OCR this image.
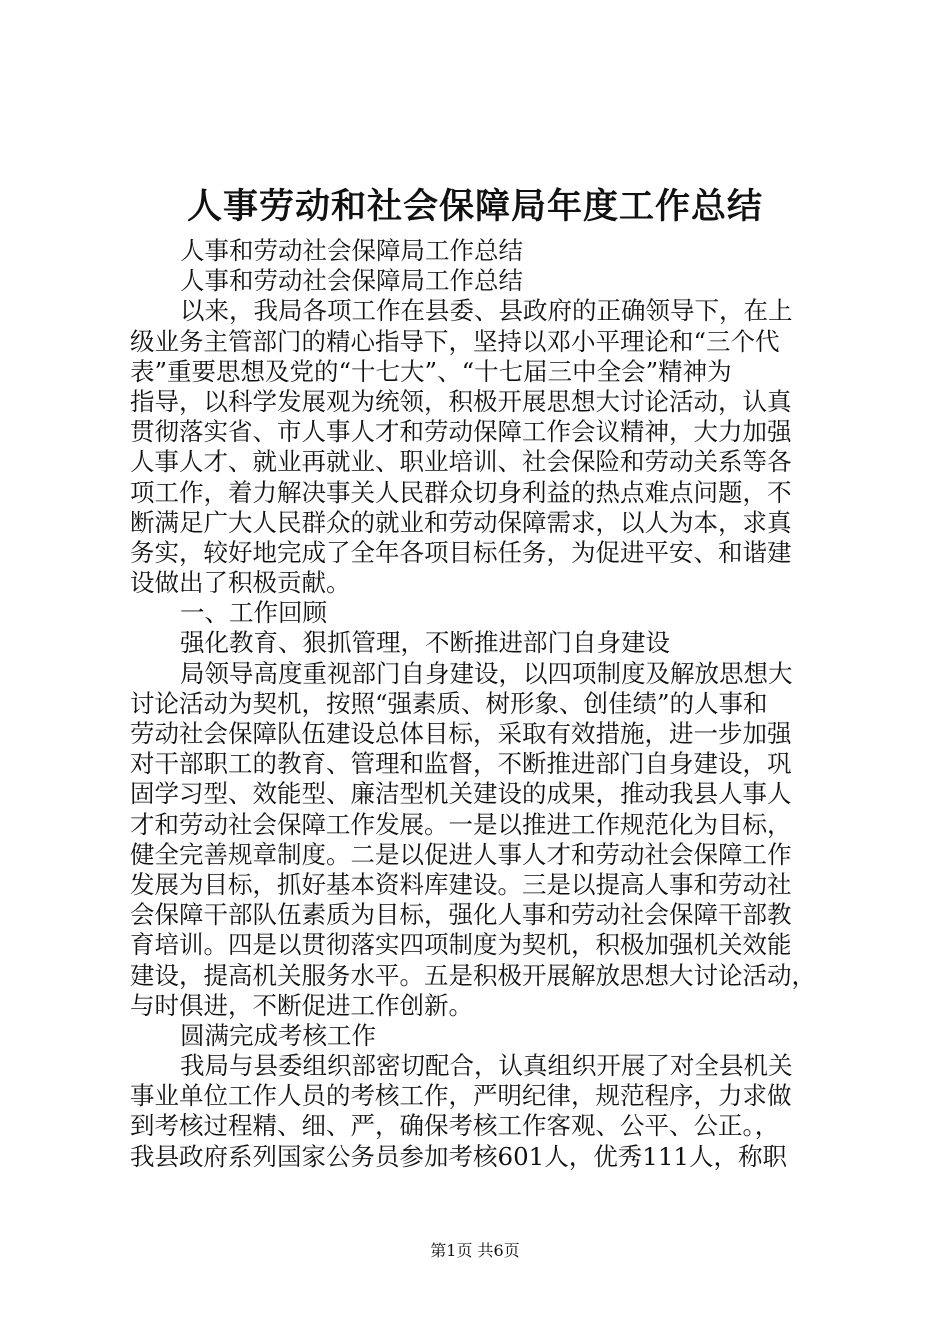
人事劳动和社会保障局年度工作总结
人事和劳动社会保障局工作总结
人事和劳动社会保障局工作总结
以来，我局各项工作在县委、县政府的正确领导下，在上
级业务主管部门的精心指导下，坚持以邓小平理论和“三个代
表”重要思想及党的“十七大”、“十七届三中全会”精神为
指导，以科学发展观为统领，积极开展思想大讨论活动，认真
贯彻落实省、市人事人才和劳动保障工作会议精神，大力加强
人事人才、就业再就业、职业培训、社会保险和劳动关系等各
项工作，着力解决事关人民群众切身利益的热点难点问题，不
断满足广大人民群众的就业和劳动保障需求，以人为本，求真
务实，较好地完成了全年各项目标任务，为促进平安、和谐建
设做出了积极贡献。
一、工作回顾
强化教育、狠抓管理，不断推进部门自身建设
局领导高度重视部门自身建设，以四项制度及解放思想大
讨论活动为契机，按照“强素质、树形象、创佳绩”的人事和
劳动社会保障队伍建设总体目标，采取有效措施，进一步加强
对干部职工的教育、管理和监督，不断推进部门自身建设，巩
固学习型、效能型、廉洁型机关建设的成果，推动我县人事人
才和劳动社会保障工作发展。一是以推进工作规范化为目标，
健全完善规章制度。二是以促进人事人才和劳动社会保障工作
发展为目标，抓好基本资料库建设。三是以提高人事和劳动社
会保障干部队伍素质为目标，强化人事和劳动社会保障干部教
育培训。四是以贯彻落实四项制度为契机，积极加强机关效能
建设，提高机关服务水平。五是积极开展解放思想大讨论活动，
与时俱进，不断促进工作创新。
圆满完成考核工作
我局与县委组织部密切配合，认真组织开展了对全县机关
事业单位工作人员的考核工作，严明纪律，规范程序，力求做
到考核过程精、细、严，确保考核工作客观、公平、公正。，
我县政府系列国家公务员参加考核601人，优秀111人，称职
第1页 共6页
